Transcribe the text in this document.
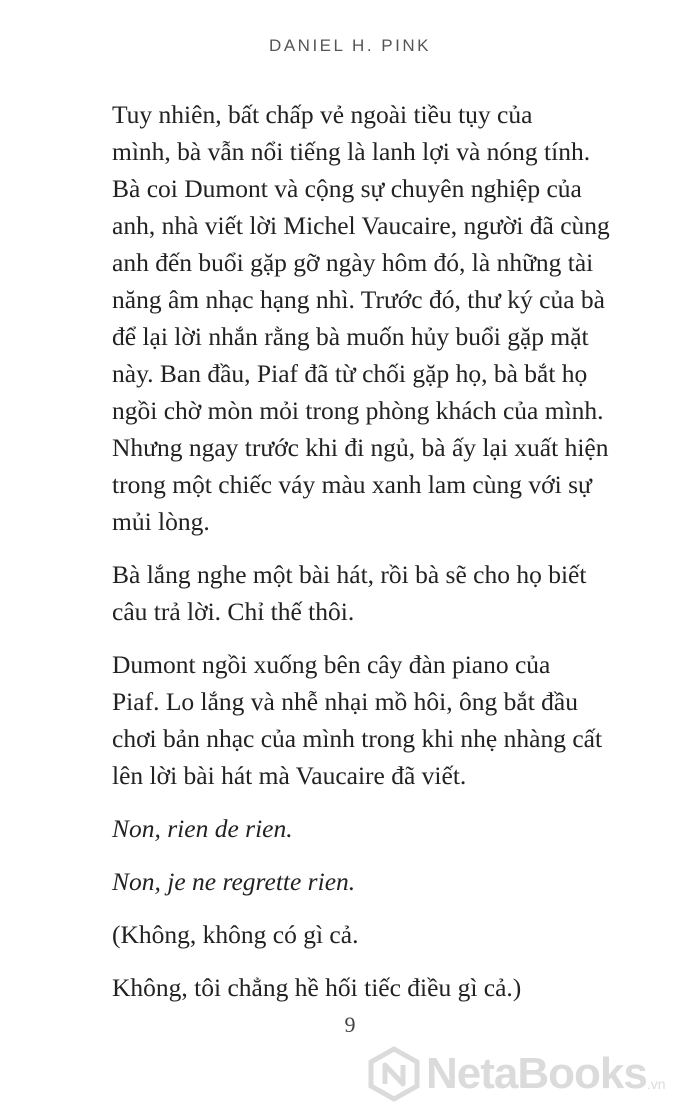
DANIEL H. PINK
Tuy nhiên, bất chấp vẻ ngoài tiều tụy của
mình, bà vẫn nổi tiếng là lanh lợi và nóng tính.
Bà coi Dumont và cộng sự chuyên nghiệp của
anh, nhà viết lời Michel Vaucaire, người đã cùng
anh đến buổi gặp gỡ ngày hôm đó, là những tài
năng âm nhạc hạng nhì. Trước đó, thư ký của bà
để lại lời nhắn rằng bà muốn hủy buổi gặp mặt
này. Ban đầu, Piaf đã từ chối gặp họ, bà bắt họ
ngồi chờ mòn mỏi trong phòng khách của mình.
Nhưng ngay trước khi đi ngủ, bà ấy lại xuất hiện
trong một chiếc váy màu xanh lam cùng với sự
mủi lòng.
Bà lắng nghe một bài hát, rồi bà sẽ cho họ biết
câu trả lời. Chỉ thế thôi.
Dumont ngồi xuống bên cây đàn piano của
Piaf. Lo lắng và nhễ nhại mồ hôi, ông bắt đầu
chơi bản nhạc của mình trong khi nhẹ nhàng cất
lên lời bài hát mà Vaucaire đã viết.
Non, rien de rien.
Non, je ne regrette rien.
(Không, không có gì cả.
Không, tôi chẳng hề hối tiếc điều gì cả.)
9
NetaBooks .vn
